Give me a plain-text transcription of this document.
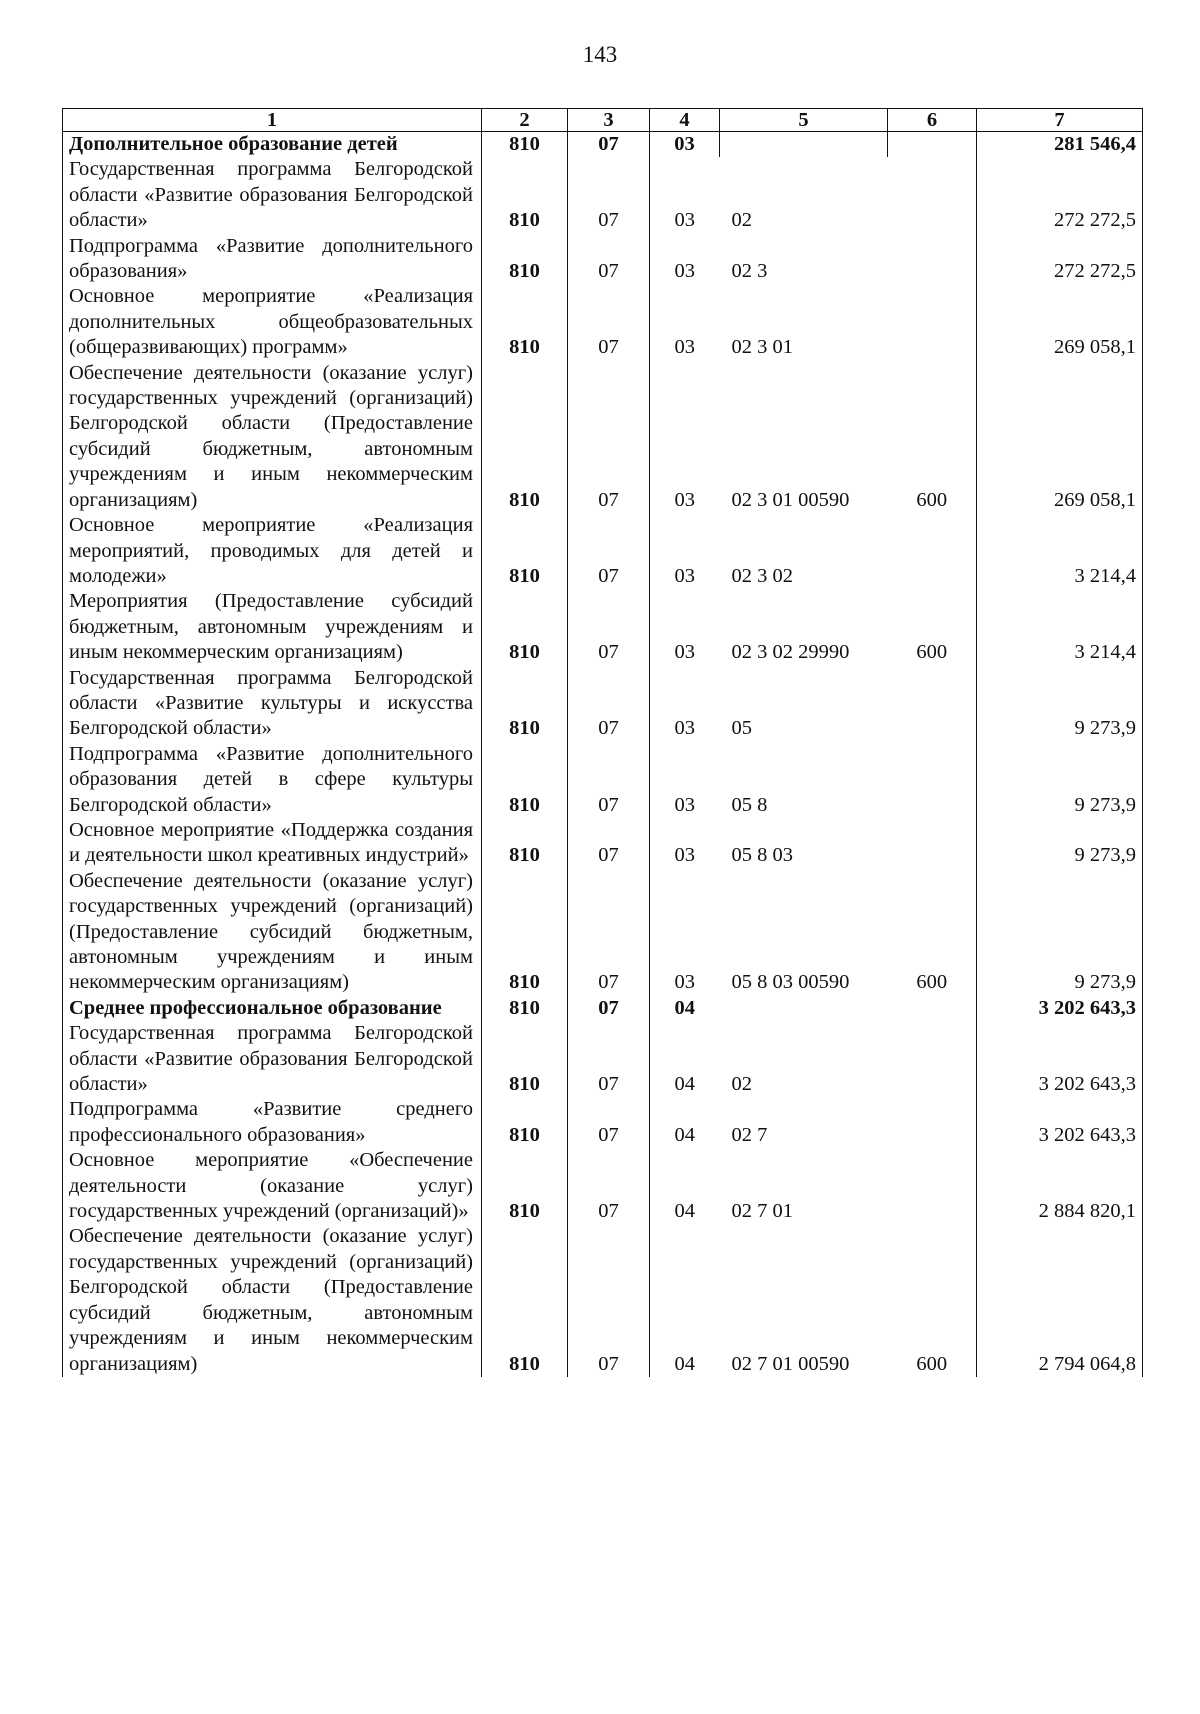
143
1	2	3	4	5	6	7
Дополнительное образование детей	810	07	03			281 546,4
Государственная программа Белгородской области «Развитие образования Белгородской области»	810	07	03	02		272 272,5
Подпрограмма «Развитие дополнительного образования»	810	07	03	02 3		272 272,5
Основное мероприятие «Реализация дополнительных общеобразовательных (общеразвивающих) программ»	810	07	03	02 3 01		269 058,1
Обеспечение деятельности (оказание услуг) государственных учреждений (организаций) Белгородской области (Предоставление субсидий бюджетным, автономным учреждениям и иным некоммерческим организациям)	810	07	03	02 3 01 00590	600	269 058,1
Основное мероприятие «Реализация мероприятий, проводимых для детей и молодежи»	810	07	03	02 3 02		3 214,4
Мероприятия (Предоставление субсидий бюджетным, автономным учреждениям и иным некоммерческим организациям)	810	07	03	02 3 02 29990	600	3 214,4
Государственная программа Белгородской области «Развитие культуры и искусства Белгородской области»	810	07	03	05		9 273,9
Подпрограмма «Развитие дополнительного образования детей в сфере культуры Белгородской области»	810	07	03	05 8		9 273,9
Основное мероприятие «Поддержка создания и деятельности школ креативных индустрий»	810	07	03	05 8 03		9 273,9
Обеспечение деятельности (оказание услуг) государственных учреждений (организаций) (Предоставление субсидий бюджетным, автономным учреждениям и иным некоммерческим организациям)	810	07	03	05 8 03 00590	600	9 273,9
Среднее профессиональное образование	810	07	04			3 202 643,3
Государственная программа Белгородской области «Развитие образования Белгородской области»	810	07	04	02		3 202 643,3
Подпрограмма «Развитие среднего профессионального образования»	810	07	04	02 7		3 202 643,3
Основное мероприятие «Обеспечение деятельности (оказание услуг) государственных учреждений (организаций)»	810	07	04	02 7 01		2 884 820,1
Обеспечение деятельности (оказание услуг) государственных учреждений (организаций) Белгородской области (Предоставление субсидий бюджетным, автономным учреждениям и иным некоммерческим организациям)	810	07	04	02 7 01 00590	600	2 794 064,8
